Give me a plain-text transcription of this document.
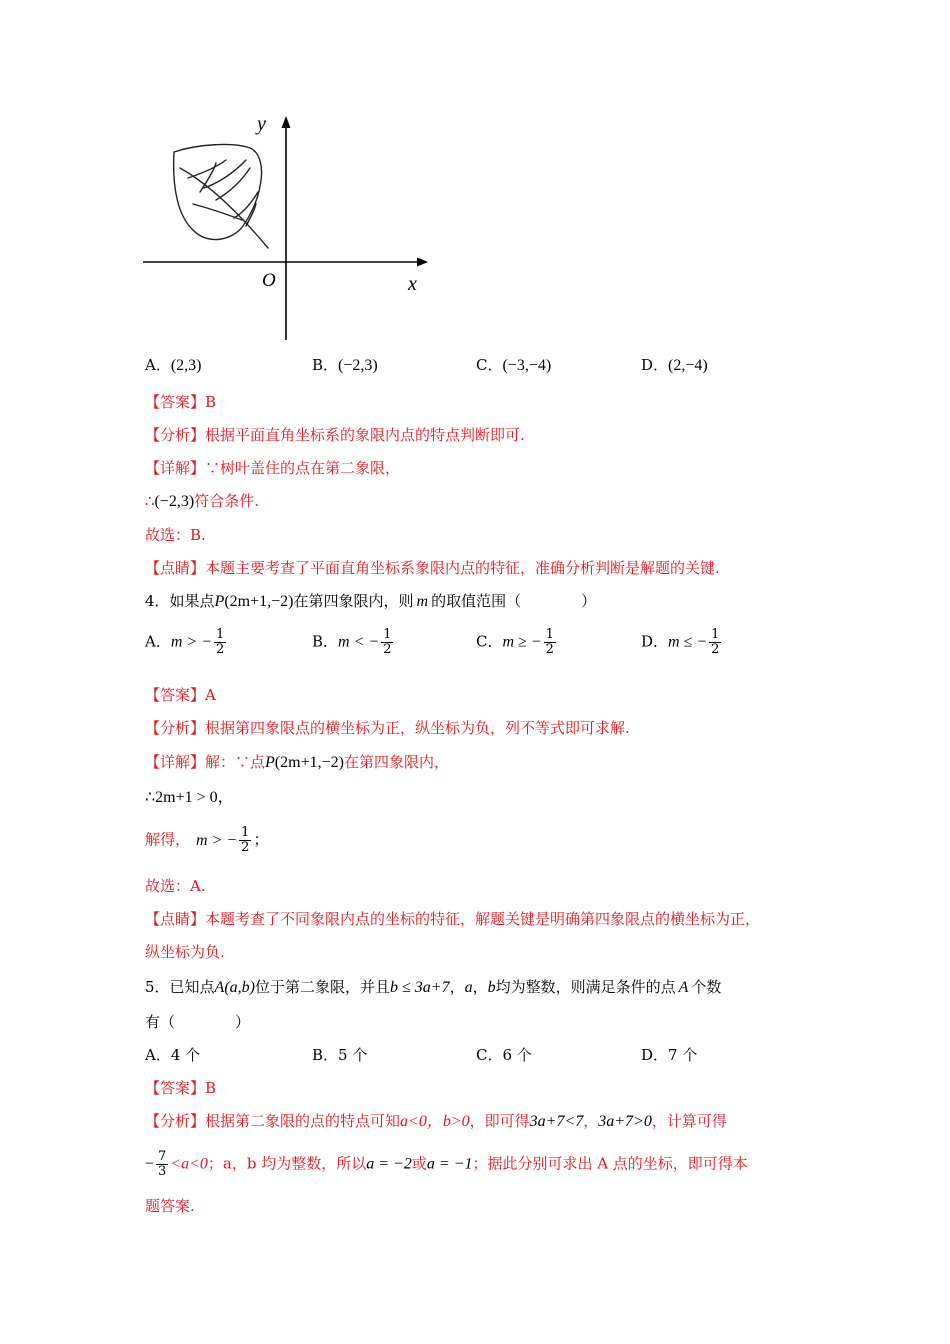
y
x
O
A．(2,3)	B．(−2,3)	C．(−3,−4)	D．(2,−4)
【答案】B
【分析】根据平面直角坐标系的象限内点的特点判断即可.
【详解】∵树叶盖住的点在第二象限，
∴(−2,3)符合条件.
故选：B.
【点睛】本题主要考查了平面直角坐标系象限内点的特征，准确分析判断是解题的关键.
4．如果点P(2m+1,−2)在第四象限内，则 m 的取值范围（　　　　）
A．m > − $\frac{1}{2}$	B．m < − $\frac{1}{2}$	C．m ≥ − $\frac{1}{2}$	D．m ≤ − $\frac{1}{2}$
【答案】A
【分析】根据第四象限点的横坐标为正，纵坐标为负，列不等式即可求解.
【详解】解：∵点P(2m+1,−2)在第四象限内，
∴2m+1 > 0，
解得， m > − $\frac{1}{2}$ ；
故选：A.
【点睛】本题考查了不同象限内点的坐标的特征，解题关键是明确第四象限点的横坐标为正，
纵坐标为负.
5．已知点A(a,b)位于第二象限，并且b ≤ 3a+7，a，b均为整数，则满足条件的点 A 个数
有（　　　　）
A．4 个	B．5 个	C．6 个	D．7 个
【答案】B
【分析】根据第二象限的点的特点可知a<0，b>0，即可得3a+7<7，3a+7>0，计算可得
− $\frac{7}{3} <a<0$；a，b 均为整数，所以a = −2或a = −1；据此分别可求出 A 点的坐标，即可得本
题答案.
